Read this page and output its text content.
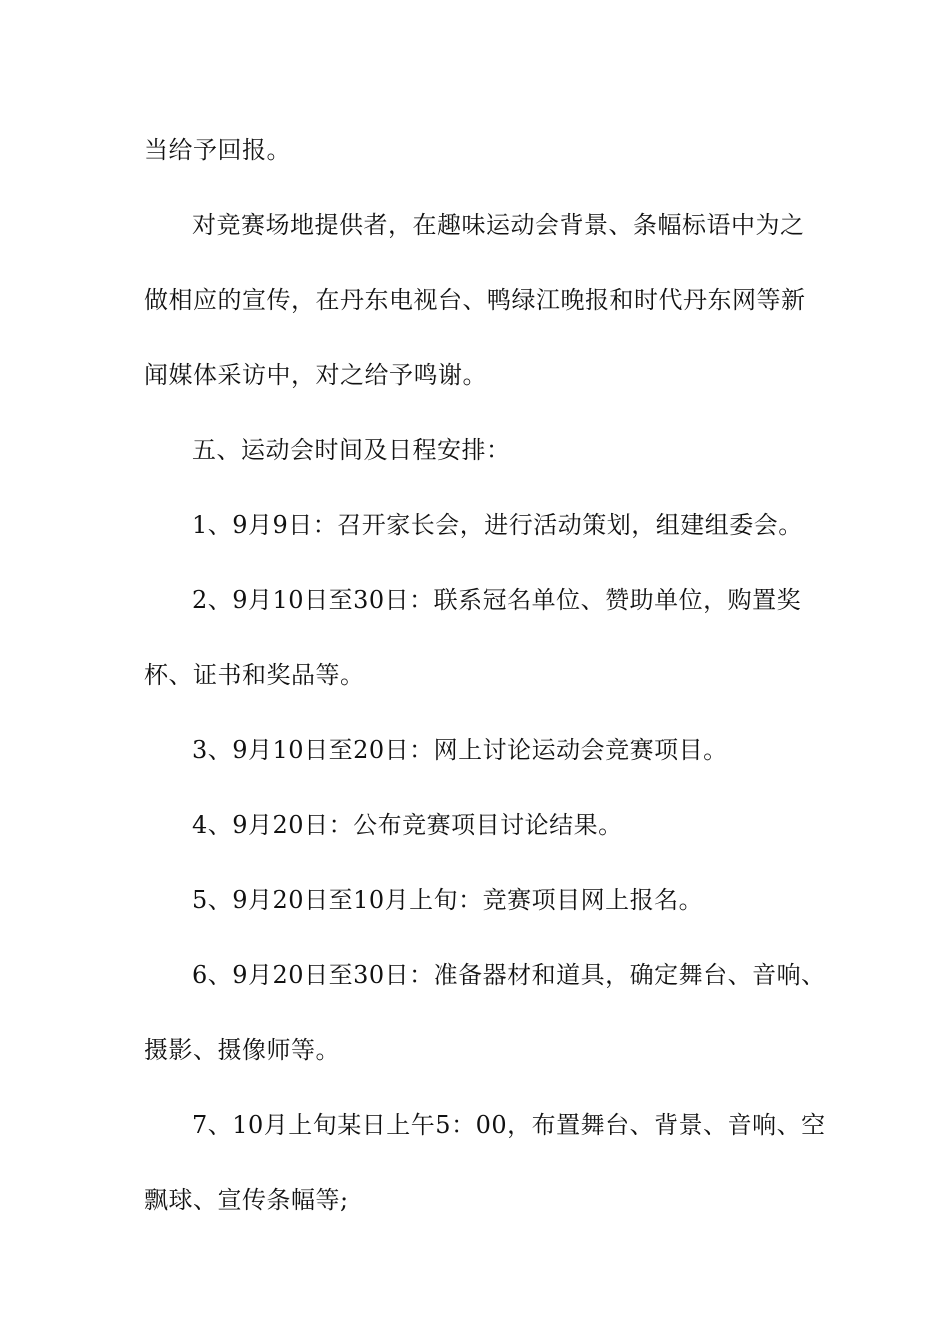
当给予回报。
对竞赛场地提供者，在趣味运动会背景、条幅标语中为之
做相应的宣传，在丹东电视台、鸭绿江晚报和时代丹东网等新
闻媒体采访中，对之给予鸣谢。
五、运动会时间及日程安排：
1、9月9日：召开家长会，进行活动策划，组建组委会。
2、9月10日至30日：联系冠名单位、赞助单位，购置奖
杯、证书和奖品等。
3、9月10日至20日：网上讨论运动会竞赛项目。
4、9月20日：公布竞赛项目讨论结果。
5、9月20日至10月上旬：竞赛项目网上报名。
6、9月20日至30日：准备器材和道具，确定舞台、音响、
摄影、摄像师等。
7、10月上旬某日上午5：00，布置舞台、背景、音响、空
飘球、宣传条幅等;
